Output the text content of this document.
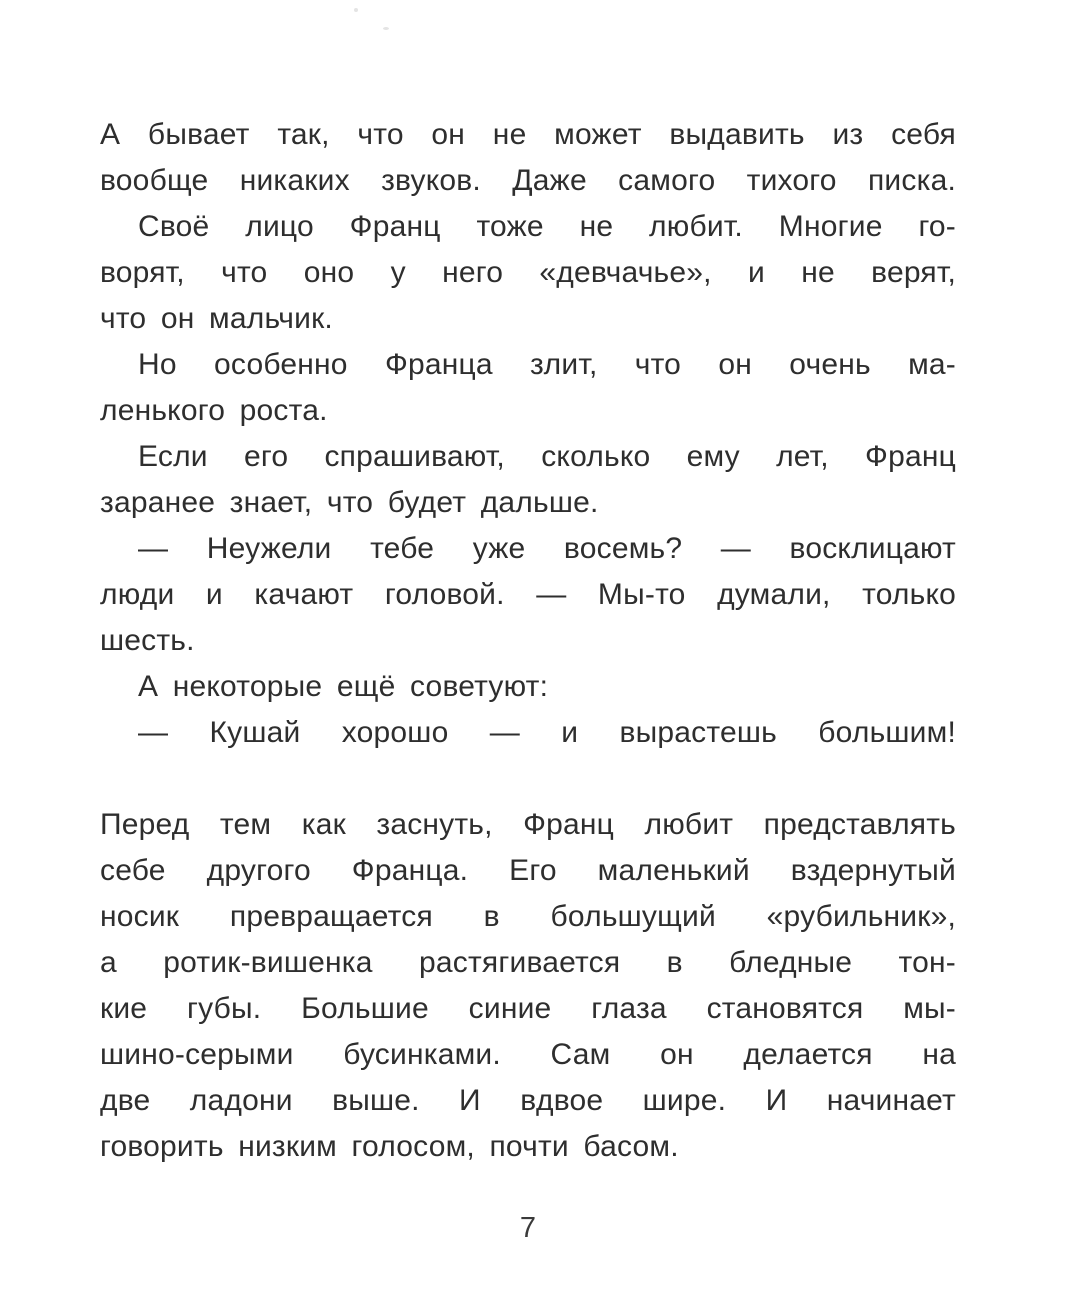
А бывает так, что он не может выдавить из себя
вообще никаких звуков. Даже самого тихого писка.
Своё лицо Франц тоже не любит. Многие го-
ворят, что оно у него «девчачье», и не верят,
что он мальчик.
Но особенно Франца злит, что он очень ма-
ленького роста.
Если его спрашивают, сколько ему лет, Франц
заранее знает, что будет дальше.
— Неужели тебе уже восемь? — восклицают
люди и качают головой. — Мы-то думали, только
шесть.
А некоторые ещё советуют:
— Кушай хорошо — и вырастешь большим!
Перед тем как заснуть, Франц любит представлять
себе другого Франца. Его маленький вздернутый
носик превращается в большущий «рубильник»,
а ротик-вишенка растягивается в бледные тон-
кие губы. Большие синие глаза становятся мы-
шино-серыми бусинками. Сам он делается на
две ладони выше. И вдвое шире. И начинает
говорить низким голосом, почти басом.
7
